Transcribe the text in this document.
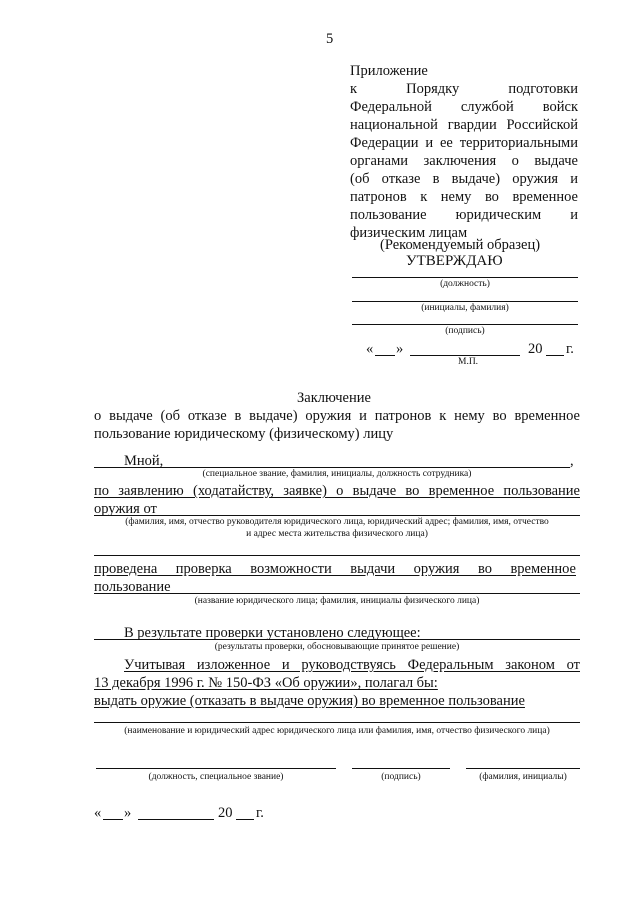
5
Приложение
к Порядку подготовки
Федеральной службой войск
национальной гвардии Российской
Федерации и ее территориальными
органами заключения о выдаче
(об отказе в выдаче) оружия и
патронов к нему во временное
пользование юридическим и
физическим лицам
(Рекомендуемый образец)
УТВЕРЖДАЮ
(должность)
(инициалы, фамилия)
(подпись)
« »	20 г.
М.П.
Заключение
о выдаче (об отказе в выдаче) оружия и патронов к нему во временное
пользование юридическому (физическому) лицу
Мной,	,
(специальное звание, фамилия, инициалы, должность сотрудника)
по заявлению (ходатайству, заявке) о выдаче во временное пользование
оружия от
(фамилия, имя, отчество руководителя юридического лица, юридический адрес; фамилия, имя, отчество
и адрес места жительства физического лица)
проведена проверка возможности выдачи оружия во временное
пользование
(название юридического лица; фамилия, инициалы физического лица)
В результате проверки установлено следующее:
(результаты проверки, обосновывающие принятое решение)
Учитывая изложенное и руководствуясь Федеральным законом от
13 декабря 1996 г. № 150-ФЗ «Об оружии», полагал бы:
выдать оружие (отказать в выдаче оружия) во временное пользование
(наименование и юридический адрес юридического лица или фамилия, имя, отчество физического лица)
(должность, специальное звание)	(подпись)	(фамилия, инициалы)
« »	20 г.
